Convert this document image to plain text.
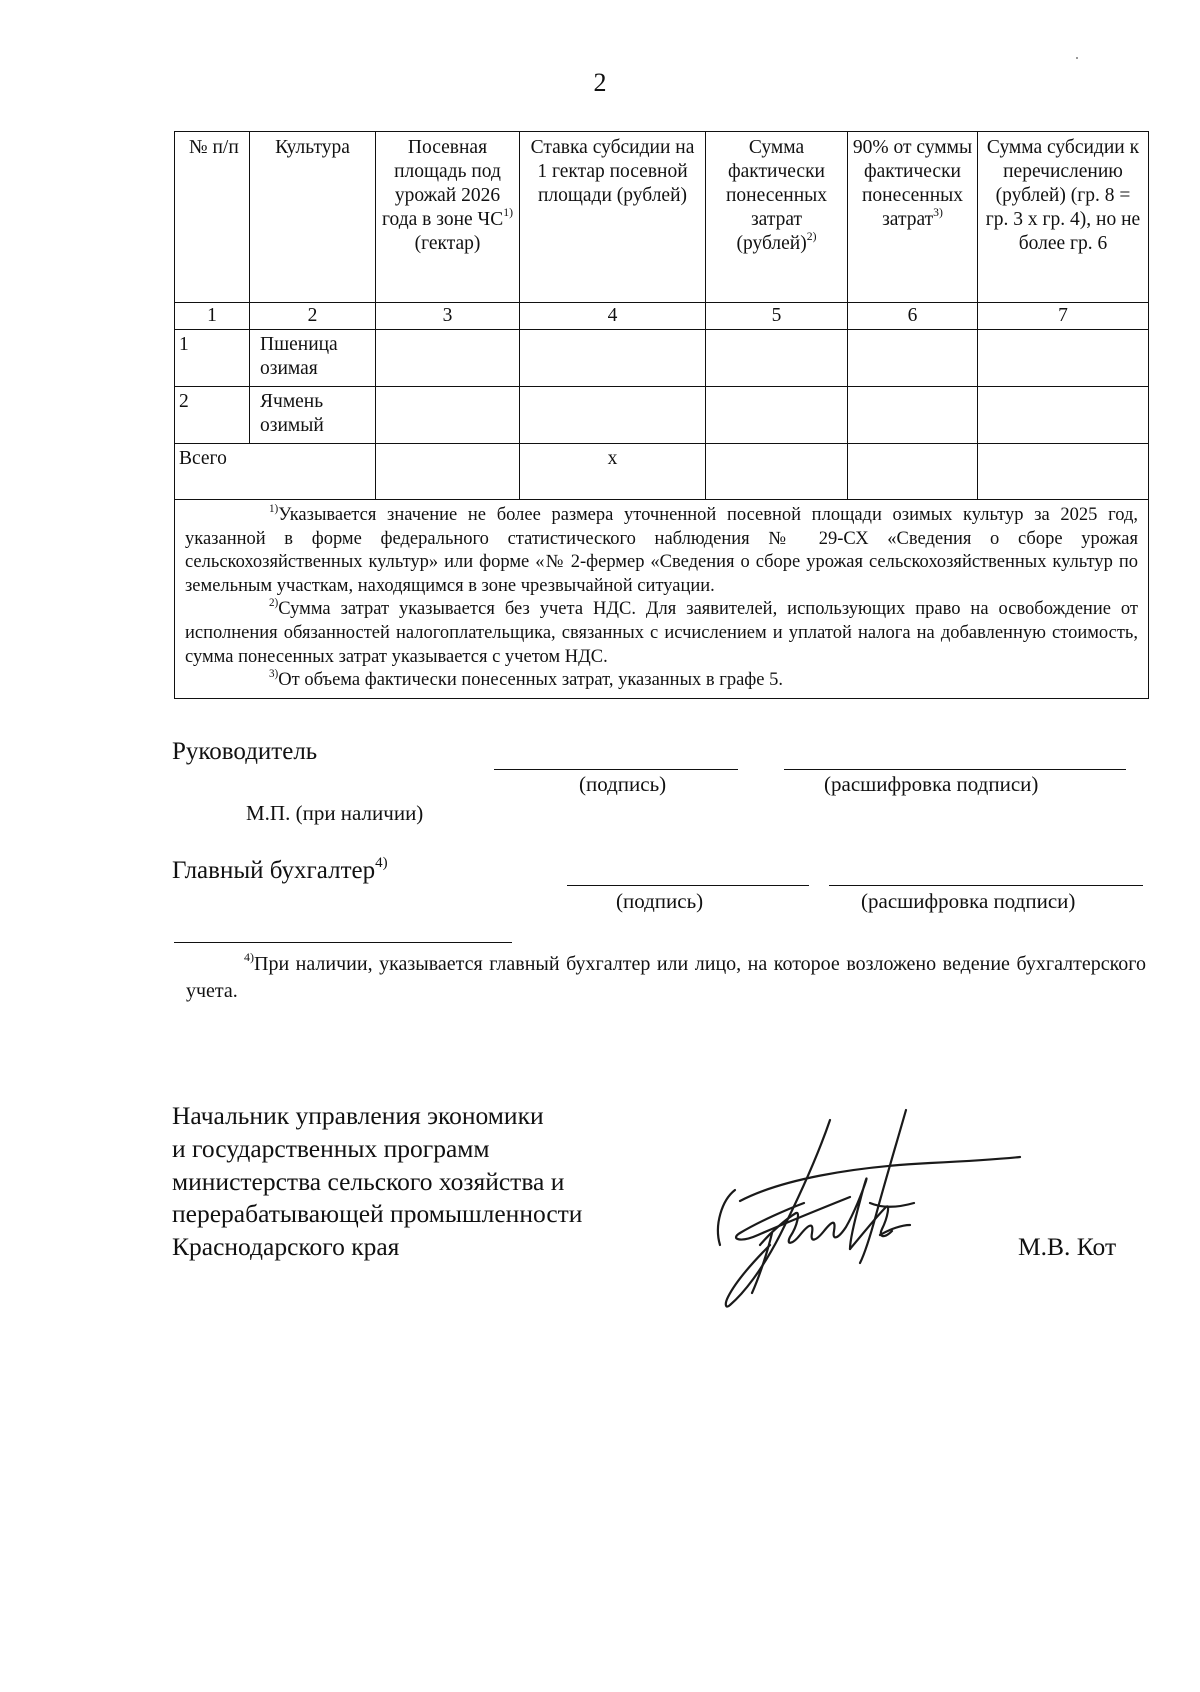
2
№ п/п	Культура	Посевная площадь под урожай 2026 года в зоне ЧС$^{1)}$ (гектар)	Ставка субсидии на 1 гектар посевной площади (рублей)	Сумма фактически понесенных затрат (рублей)$^{2)}$	90% от суммы фактически понесенных затрат$^{3)}$	Сумма субсидии к перечислению (рублей) (гр. 8 = гр. 3 х гр. 4), но не более гр. 6
1	2	3	4	5	6	7
1	Пшеница озимая					
2	Ячмень озимый					
Всего			х			

$^{1)}$Указывается значение не более размера уточненной посевной площади озимых культур за 2025 год, указанной в форме федерального статистического наблюдения № 29-СХ «Сведения о сборе урожая сельскохозяйственных культур» или форме «№ 2-фермер «Сведения о сборе урожая сельскохозяйственных культур по земельным участкам, находящимся в зоне чрезвычайной ситуации.
$^{2)}$Сумма затрат указывается без учета НДС. Для заявителей, использующих право на освобождение от исполнения обязанностей налогоплательщика, связанных с исчислением и уплатой налога на добавленную стоимость, сумма понесенных затрат указывается с учетом НДС.
$^{3)}$От объема фактически понесенных затрат, указанных в графе 5.						
Руководитель
(подпись)	(расшифровка подписи)
М.П. (при наличии)
Главный бухгалтер$^{4)}$
(подпись)	(расшифровка подписи)
$^{4)}$При наличии, указывается главный бухгалтер или лицо, на которое возложено ведение бухгалтерского учета.
Начальник управления экономики
и государственных программ
министерства сельского хозяйства и
перерабатывающей промышленности
Краснодарского края	М.В. Кот
